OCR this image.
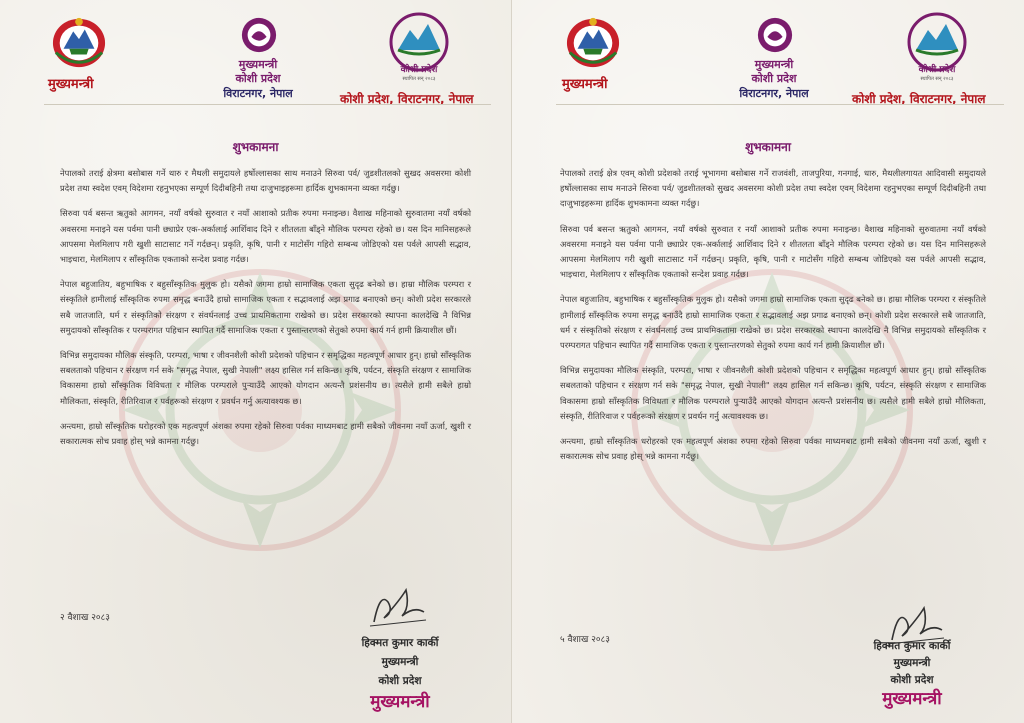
मुख्यमन्त्री
मुख्यमन्त्री
कोशी प्रदेश
विराटनगर, नेपाल
कोशी प्रदेश
स्थापित सन् २०८३
कोशी प्रदेश, विराटनगर, नेपाल
शुभकामना

नेपालको तराई क्षेत्रमा बसोबास गर्ने थारु र मैथली समुदायले हर्षोल्लासका साथ मनाउने सिरुवा पर्व/ जुडशीतलको सुखद अवसरमा कोशी प्रदेश तथा स्वदेश एवम् विदेशमा रहनुभएका सम्पूर्ण दिदीबहिनी तथा दाजुभाइहरूमा हार्दिक शुभकामना व्यक्त गर्दछु।

सिरुवा पर्व बसन्त ऋतुको आगमन, नयाँ वर्षको सुरुवात र नयाँ आशाको प्रतीक रुपमा मनाइन्छ। वैशाख महिनाको सुरुवातमा नयाँ वर्षको अवसरमा मनाइने यस पर्वमा पानी छ्याप्रेर एक-अर्कालाई आर्शिवाद दिने र शीतलता बाँड्ने मौलिक परम्परा रहेको छ। यस दिन मानिसहरूले आपसमा मेलमिलाप गरी खुशी साटासाट गर्ने गर्दछन्। प्रकृति, कृषि, पानी र माटोसँग गहिरो सम्बन्ध जोडिएको यस पर्वले आपसी सद्भाव, भाइचारा, मेलमिलाप र साँस्कृतिक एकताको सन्देश प्रवाह गर्दछ।

नेपाल बहुजातिय, बहुभाषिक र बहुसाँस्कृतिक मुलुक हो। यसैको जगमा हाम्रो सामाजिक एकता सुदृढ बनेको छ। हाम्रा मौलिक परम्परा र संस्कृतिले हामीलाई साँस्कृतिक रुपमा समृद्ध बनाउँदै हाम्रो सामाजिक एकता र सद्भावलाई अझ प्रगाढ बनाएको छन्। कोशी प्रदेश सरकारले सबै जातजाति, धर्म र संस्कृतिको संरक्षण र संवर्धनलाई उच्च प्राथमिकतामा राखेको छ। प्रदेश सरकारको स्थापना कालदेखि नै विभिन्न समुदायको साँस्कृतिक र परम्परागत पहिचान स्थापित गर्दै सामाजिक एकता र पुस्तान्तरणको सेतुको रुपमा कार्य गर्न हामी क्रियाशील छौं।

विभिन्न समुदायका मौलिक संस्कृति, परम्परा, भाषा र जीवनशैली कोशी प्रदेशको पहिचान र समृद्धिका महत्वपूर्ण आधार हुन्। हाम्रो साँस्कृतिक सबलताको पहिचान र संरक्षण गर्न सके "समृद्ध नेपाल, सुखी नेपाली" लक्ष्य हासिल गर्न सकिन्छ। कृषि, पर्यटन, संस्कृति संरक्षण र सामाजिक विकासमा हाम्रो साँस्कृतिक विविधता र मौलिक परम्पराले पुऱ्याउँदै आएको योगदान अत्यन्तै प्रशंसनीय छ। त्यसैले हामी सबैले हाम्रो मौलिकता, संस्कृति, रीतिरिवाज र पर्वहरूको संरक्षण र प्रवर्धन गर्नु अत्यावश्यक छ।

अन्त्यमा, हाम्रो साँस्कृतिक धरोहरको एक महत्वपूर्ण अंशका रुपमा रहेको सिरुवा पर्वका माध्यमबाट हामी सबैको जीवनमा नयाँ ऊर्जा, खुशी र सकारात्मक सोच प्रवाह होस् भन्ने कामना गर्दछु।

२ वैशाख २०८३
हिक्मत कुमार कार्की
मुख्यमन्त्री
कोशी प्रदेश
मुख्यमन्त्री
मुख्यमन्त्री
मुख्यमन्त्री
कोशी प्रदेश
विराटनगर, नेपाल
कोशी प्रदेश
स्थापित सन् २०८३
कोशी प्रदेश, विराटनगर, नेपाल
शुभकामना

नेपालको तराई क्षेत्र एवम् कोशी प्रदेशको तराई भूभागमा बसोबास गर्ने राजवंशी, ताजपुरिया, गनगाई, धारु, मैथलीलगायत आदिवासी समुदायले हर्षोल्लासका साथ मनाउने सिरुवा पर्व/ जुडशीतलको सुखद अवसरमा कोशी प्रदेश तथा स्वदेश एवम् विदेशमा रहनुभएका सम्पूर्ण दिदीबहिनी तथा दाजुभाइहरूमा हार्दिक शुभकामना व्यक्त गर्दछु।

सिरुवा पर्व बसन्त ऋतुको आगमन, नयाँ वर्षको सुरुवात र नयाँ आशाको प्रतीक रुपमा मनाइन्छ। वैशाख महिनाको सुरुवातमा नयाँ वर्षको अवसरमा मनाइने यस पर्वमा पानी छ्याप्रेर एक-अर्कालाई आर्शिवाद दिने र शीतलता बाँड्ने मौलिक परम्परा रहेको छ। यस दिन मानिसहरूले आपसमा मेलमिलाप गरी खुशी साटासाट गर्ने गर्दछन्। प्रकृति, कृषि, पानी र माटोसँग गहिरो सम्बन्ध जोडिएको यस पर्वले आपसी सद्भाव, भाइचारा, मेलमिलाप र साँस्कृतिक एकताको सन्देश प्रवाह गर्दछ।

नेपाल बहुजातिय, बहुभाषिक र बहुसाँस्कृतिक मुलुक हो। यसैको जगमा हाम्रो सामाजिक एकता सुदृढ बनेको छ। हाम्रा मौलिक परम्परा र संस्कृतिले हामीलाई साँस्कृतिक रुपमा समृद्ध बनाउँदै हाम्रो सामाजिक एकता र सद्भावलाई अझ प्रगाढ बनाएको छन्। कोशी प्रदेश सरकारले सबै जातजाति, धर्म र संस्कृतिको संरक्षण र संवर्धनलाई उच्च प्राथमिकतामा राखेको छ। प्रदेश सरकारको स्थापना कालदेखि नै विभिन्न समुदायको साँस्कृतिक र परम्परागत पहिचान स्थापित गर्दै सामाजिक एकता र पुस्तान्तरणको सेतुको रुपमा कार्य गर्न हामी क्रियाशील छौं।

विभिन्न समुदायका मौलिक संस्कृति, परम्परा, भाषा र जीवनशैली कोशी प्रदेशको पहिचान र समृद्धिका महत्वपूर्ण आधार हुन्। हाम्रो साँस्कृतिक सबलताको पहिचान र संरक्षण गर्न सके "समृद्ध नेपाल, सुखी नेपाली" लक्ष्य हासिल गर्न सकिन्छ। कृषि, पर्यटन, संस्कृति संरक्षण र सामाजिक विकासमा हाम्रो साँस्कृतिक विविधता र मौलिक परम्पराले पुऱ्याउँदै आएको योगदान अत्यन्तै प्रशंसनीय छ। त्यसैले हामी सबैले हाम्रो मौलिकता, संस्कृति, रीतिरिवाज र पर्वहरूको संरक्षण र प्रवर्धन गर्नु अत्यावश्यक छ।

अन्त्यमा, हाम्रो साँस्कृतिक धरोहरको एक महत्वपूर्ण अंशका रुपमा रहेको सिरुवा पर्वका माध्यमबाट हामी सबैको जीवनमा नयाँ ऊर्जा, खुशी र सकारात्मक सोच प्रवाह होस् भन्ने कामना गर्दछु।

५ वैशाख २०८३	हिक्मत कुमार कार्की
मुख्यमन्त्री
कोशी प्रदेश
मुख्यमन्त्री
